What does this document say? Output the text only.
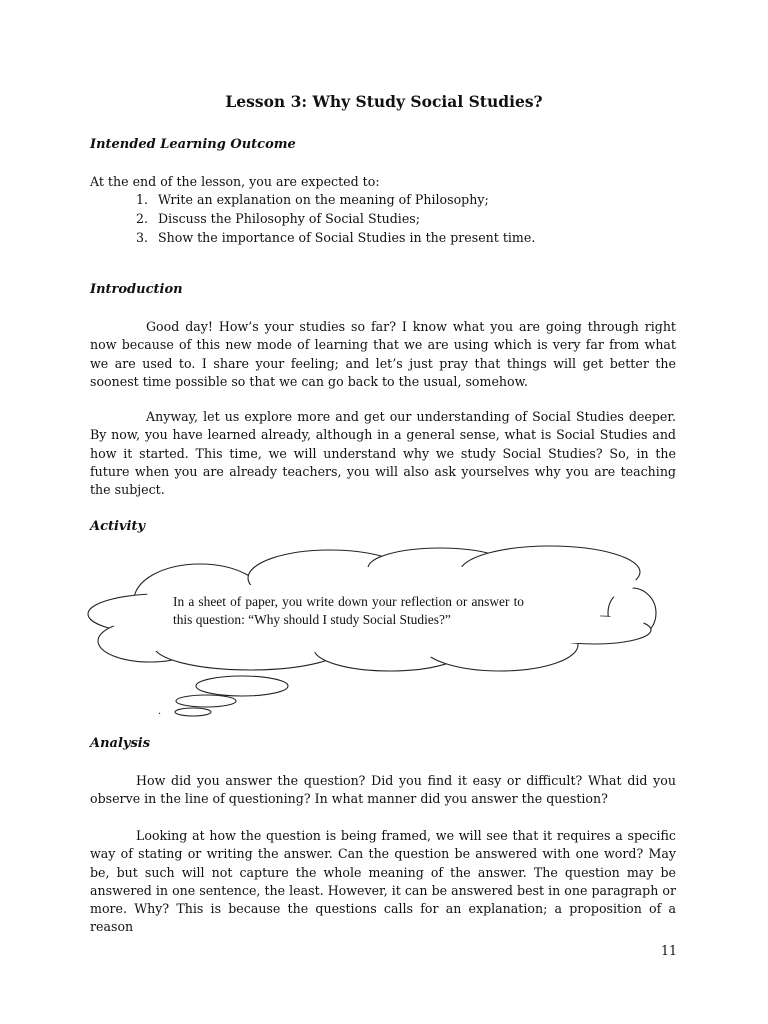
Lesson 3: Why Study Social Studies?

Intended Learning Outcome

At the end of the lesson, you are expected to:

1. Write an explanation on the meaning of Philosophy;
2. Discuss the Philosophy of Social Studies;
3. Show the importance of Social Studies in the present time.

Introduction

Good day! How’s your studies so far? I know what you are going through right now because of this new mode of learning that we are using which is very far from what we are used to. I share your feeling; and let’s just pray that things will get better the soonest time possible so that we can go back to the usual, somehow.

Anyway, let us explore more and get our understanding of Social Studies deeper. By now, you have learned already, although in a general sense, what is Social Studies and how it started. This time, we will understand why we study Social Studies? So, in the future when you are already teachers, you will also ask yourselves why you are teaching the subject.

Activity

.

In a sheet of paper, you write down your reflection or answer to this question: “Why should I study Social Studies?”

Analysis

How did you answer the question? Did you find it easy or difficult? What did you observe in the line of questioning? In what manner did you answer the question?

Looking at how the question is being framed, we will see that it requires a specific way of stating or writing the answer. Can the question be answered with one word? May be, but such will not capture the whole meaning of the answer. The question may be answered in one sentence, the least. However, it can be answered best in one paragraph or more. Why? This is because the questions calls for an explanation; a proposition of a reason

11
